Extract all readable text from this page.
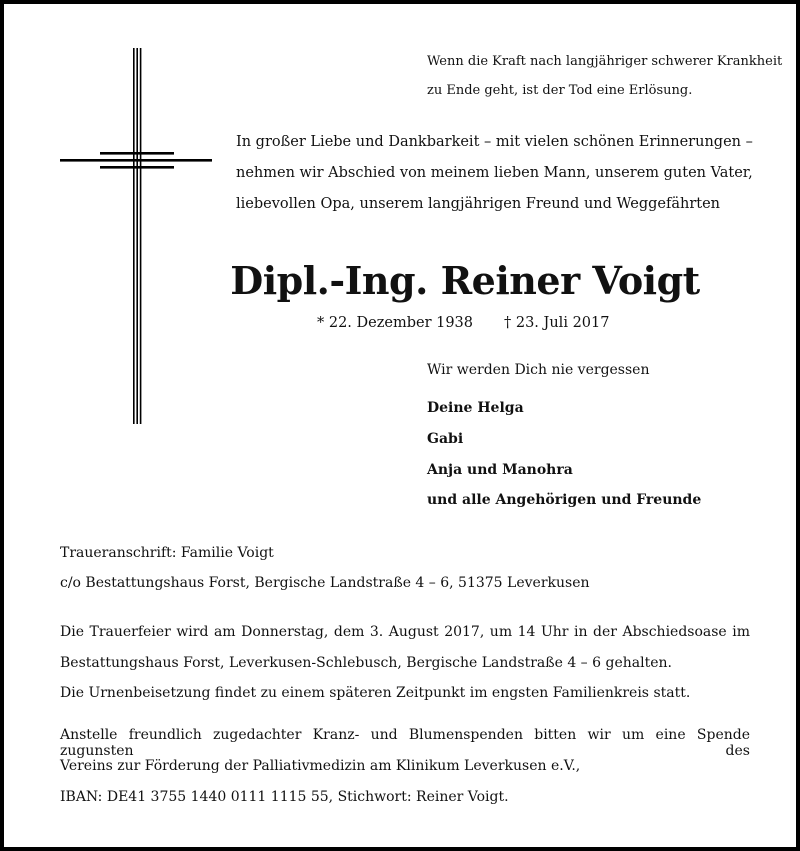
Wenn die Kraft nach langjähriger schwerer Krankheit
zu Ende geht, ist der Tod eine Erlösung.
In großer Liebe und Dankbarkeit – mit vielen schönen Erinnerungen –
nehmen wir Abschied von meinem lieben Mann, unserem guten Vater,
liebevollen Opa, unserem langjährigen Freund und Weggefährten
Dipl.-Ing. Reiner Voigt
* 22. Dezember 1938 † 23. Juli 2017
Wir werden Dich nie vergessen
Deine Helga
Gabi
Anja und Manohra
und alle Angehörigen und Freunde
Traueranschrift: Familie Voigt
c/o Bestattungshaus Forst, Bergische Landstraße 4 – 6, 51375 Leverkusen
Die Trauerfeier wird am Donnerstag, dem 3. August 2017, um 14 Uhr in der Abschiedsoase im
Bestattungshaus Forst, Leverkusen-Schlebusch, Bergische Landstraße 4 – 6 gehalten.
Die Urnenbeisetzung findet zu einem späteren Zeitpunkt im engsten Familienkreis statt.
Anstelle freundlich zugedachter Kranz- und Blumenspenden bitten wir um eine Spende zugunsten des
Vereins zur Förderung der Palliativmedizin am Klinikum Leverkusen e.V.,
IBAN: DE41 3755 1440 0111 1115 55, Stichwort: Reiner Voigt.
